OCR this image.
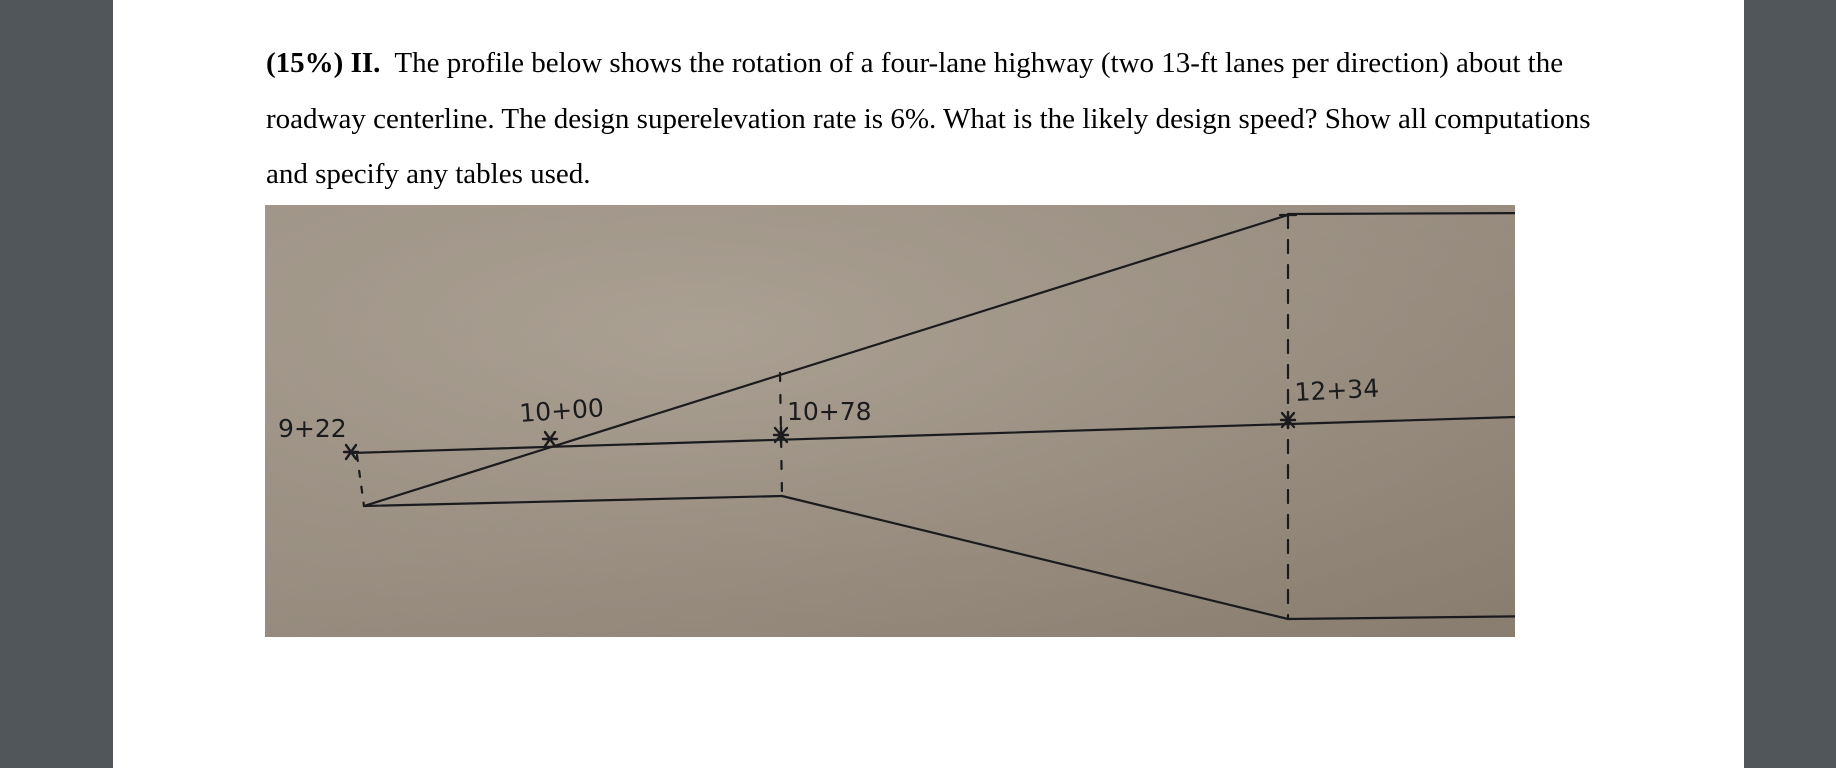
(15%) II. The profile below shows the rotation of a four-lane highway (two 13-ft lanes per direction) about the roadway centerline. The design superelevation rate is 6%. What is the likely design speed? Show all computations and specify any tables used.

9+22
10+00	10+78
12+34
